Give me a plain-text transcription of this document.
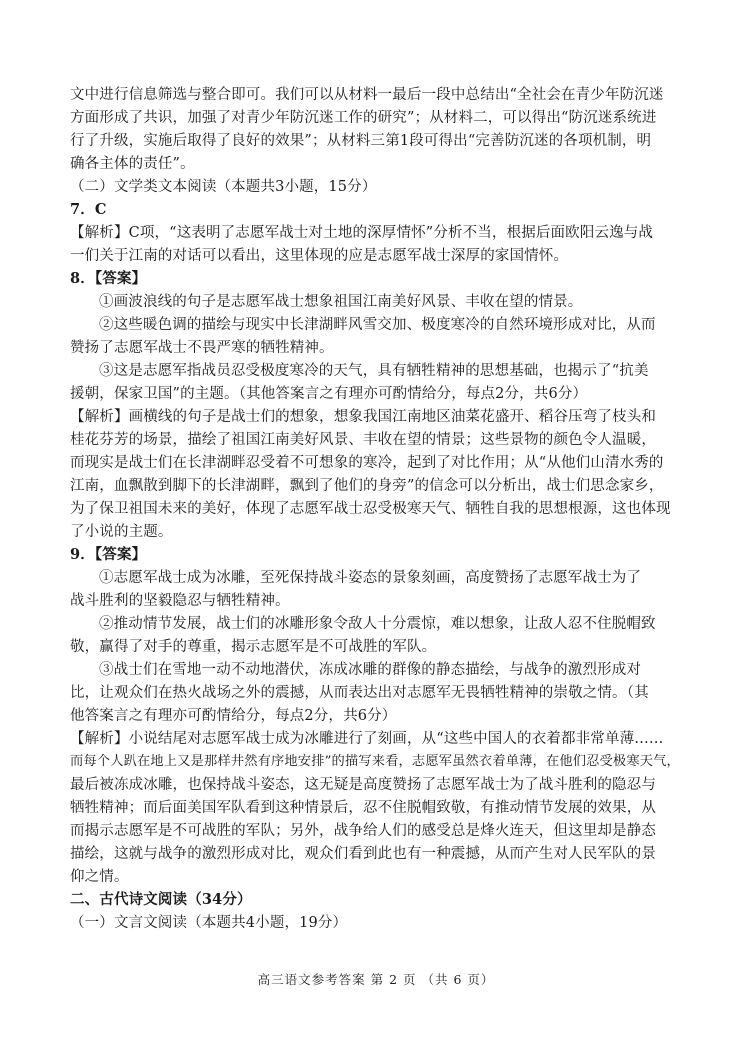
文中进行信息筛选与整合即可。我们可以从材料一最后一段中总结出“全社会在青少年防沉迷
方面形成了共识，加强了对青少年防沉迷工作的研究”；从材料二，可以得出“防沉迷系统进
行了升级，实施后取得了良好的效果”；从材料三第1段可得出“完善防沉迷的各项机制，明
确各主体的责任”。
（二）文学类文本阅读（本题共3小题，15分）
7．C
【解析】C项，“这表明了志愿军战士对土地的深厚情怀”分析不当，根据后面欧阳云逸与战
一们关于江南的对话可以看出，这里体现的应是志愿军战士深厚的家国情怀。
8．【答案】
①画波浪线的句子是志愿军战士想象祖国江南美好风景、丰收在望的情景。
②这些暖色调的描绘与现实中长津湖畔风雪交加、极度寒冷的自然环境形成对比，从而
赞扬了志愿军战士不畏严寒的牺牲精神。
③这是志愿军指战员忍受极度寒冷的天气，具有牺牲精神的思想基础，也揭示了“抗美
援朝，保家卫国”的主题。（其他答案言之有理亦可酌情给分，每点2分，共6分）
【解析】画横线的句子是战士们的想象，想象我国江南地区油菜花盛开、稻谷压弯了枝头和
桂花芬芳的场景，描绘了祖国江南美好风景、丰收在望的情景；这些景物的颜色令人温暖，
而现实是战士们在长津湖畔忍受着不可想象的寒冷，起到了对比作用；从“从他们山清水秀的
江南，血飘散到脚下的长津湖畔，飘到了他们的身旁”的信念可以分析出，战士们思念家乡，
为了保卫祖国未来的美好，体现了志愿军战士忍受极寒天气、牺牲自我的思想根源，这也体现
了小说的主题。
9．【答案】
①志愿军战士成为冰雕，至死保持战斗姿态的景象刻画，高度赞扬了志愿军战士为了
战斗胜利的坚毅隐忍与牺牲精神。
②推动情节发展，战士们的冰雕形象令敌人十分震惊，难以想象，让敌人忍不住脱帽致
敬，赢得了对手的尊重，揭示志愿军是不可战胜的军队。
③战士们在雪地一动不动地潜伏，冻成冰雕的群像的静态描绘，与战争的激烈形成对
比，让观众们在热火战场之外的震撼，从而表达出对志愿军无畏牺牲精神的崇敬之情。（其
他答案言之有理亦可酌情给分，每点2分，共6分）
【解析】小说结尾对志愿军战士成为冰雕进行了刻画，从“这些中国人的衣着都非常单薄……
而每个人趴在地上又是那样井然有序地安排”的描写来看，志愿军虽然衣着单薄，在他们忍受极寒天气，
最后被冻成冰雕，也保持战斗姿态，这无疑是高度赞扬了志愿军战士为了战斗胜利的隐忍与
牺牲精神；而后面美国军队看到这种情景后，忍不住脱帽致敬，有推动情节发展的效果，从
而揭示志愿军是不可战胜的军队；另外，战争给人们的感受总是烽火连天，但这里却是静态
描绘，这就与战争的激烈形成对比，观众们看到此也有一种震撼，从而产生对人民军队的景
仰之情。
二、古代诗文阅读（34分）
（一）文言文阅读（本题共4小题，19分）
高三语文参考答案 第 2 页 （共 6 页）
